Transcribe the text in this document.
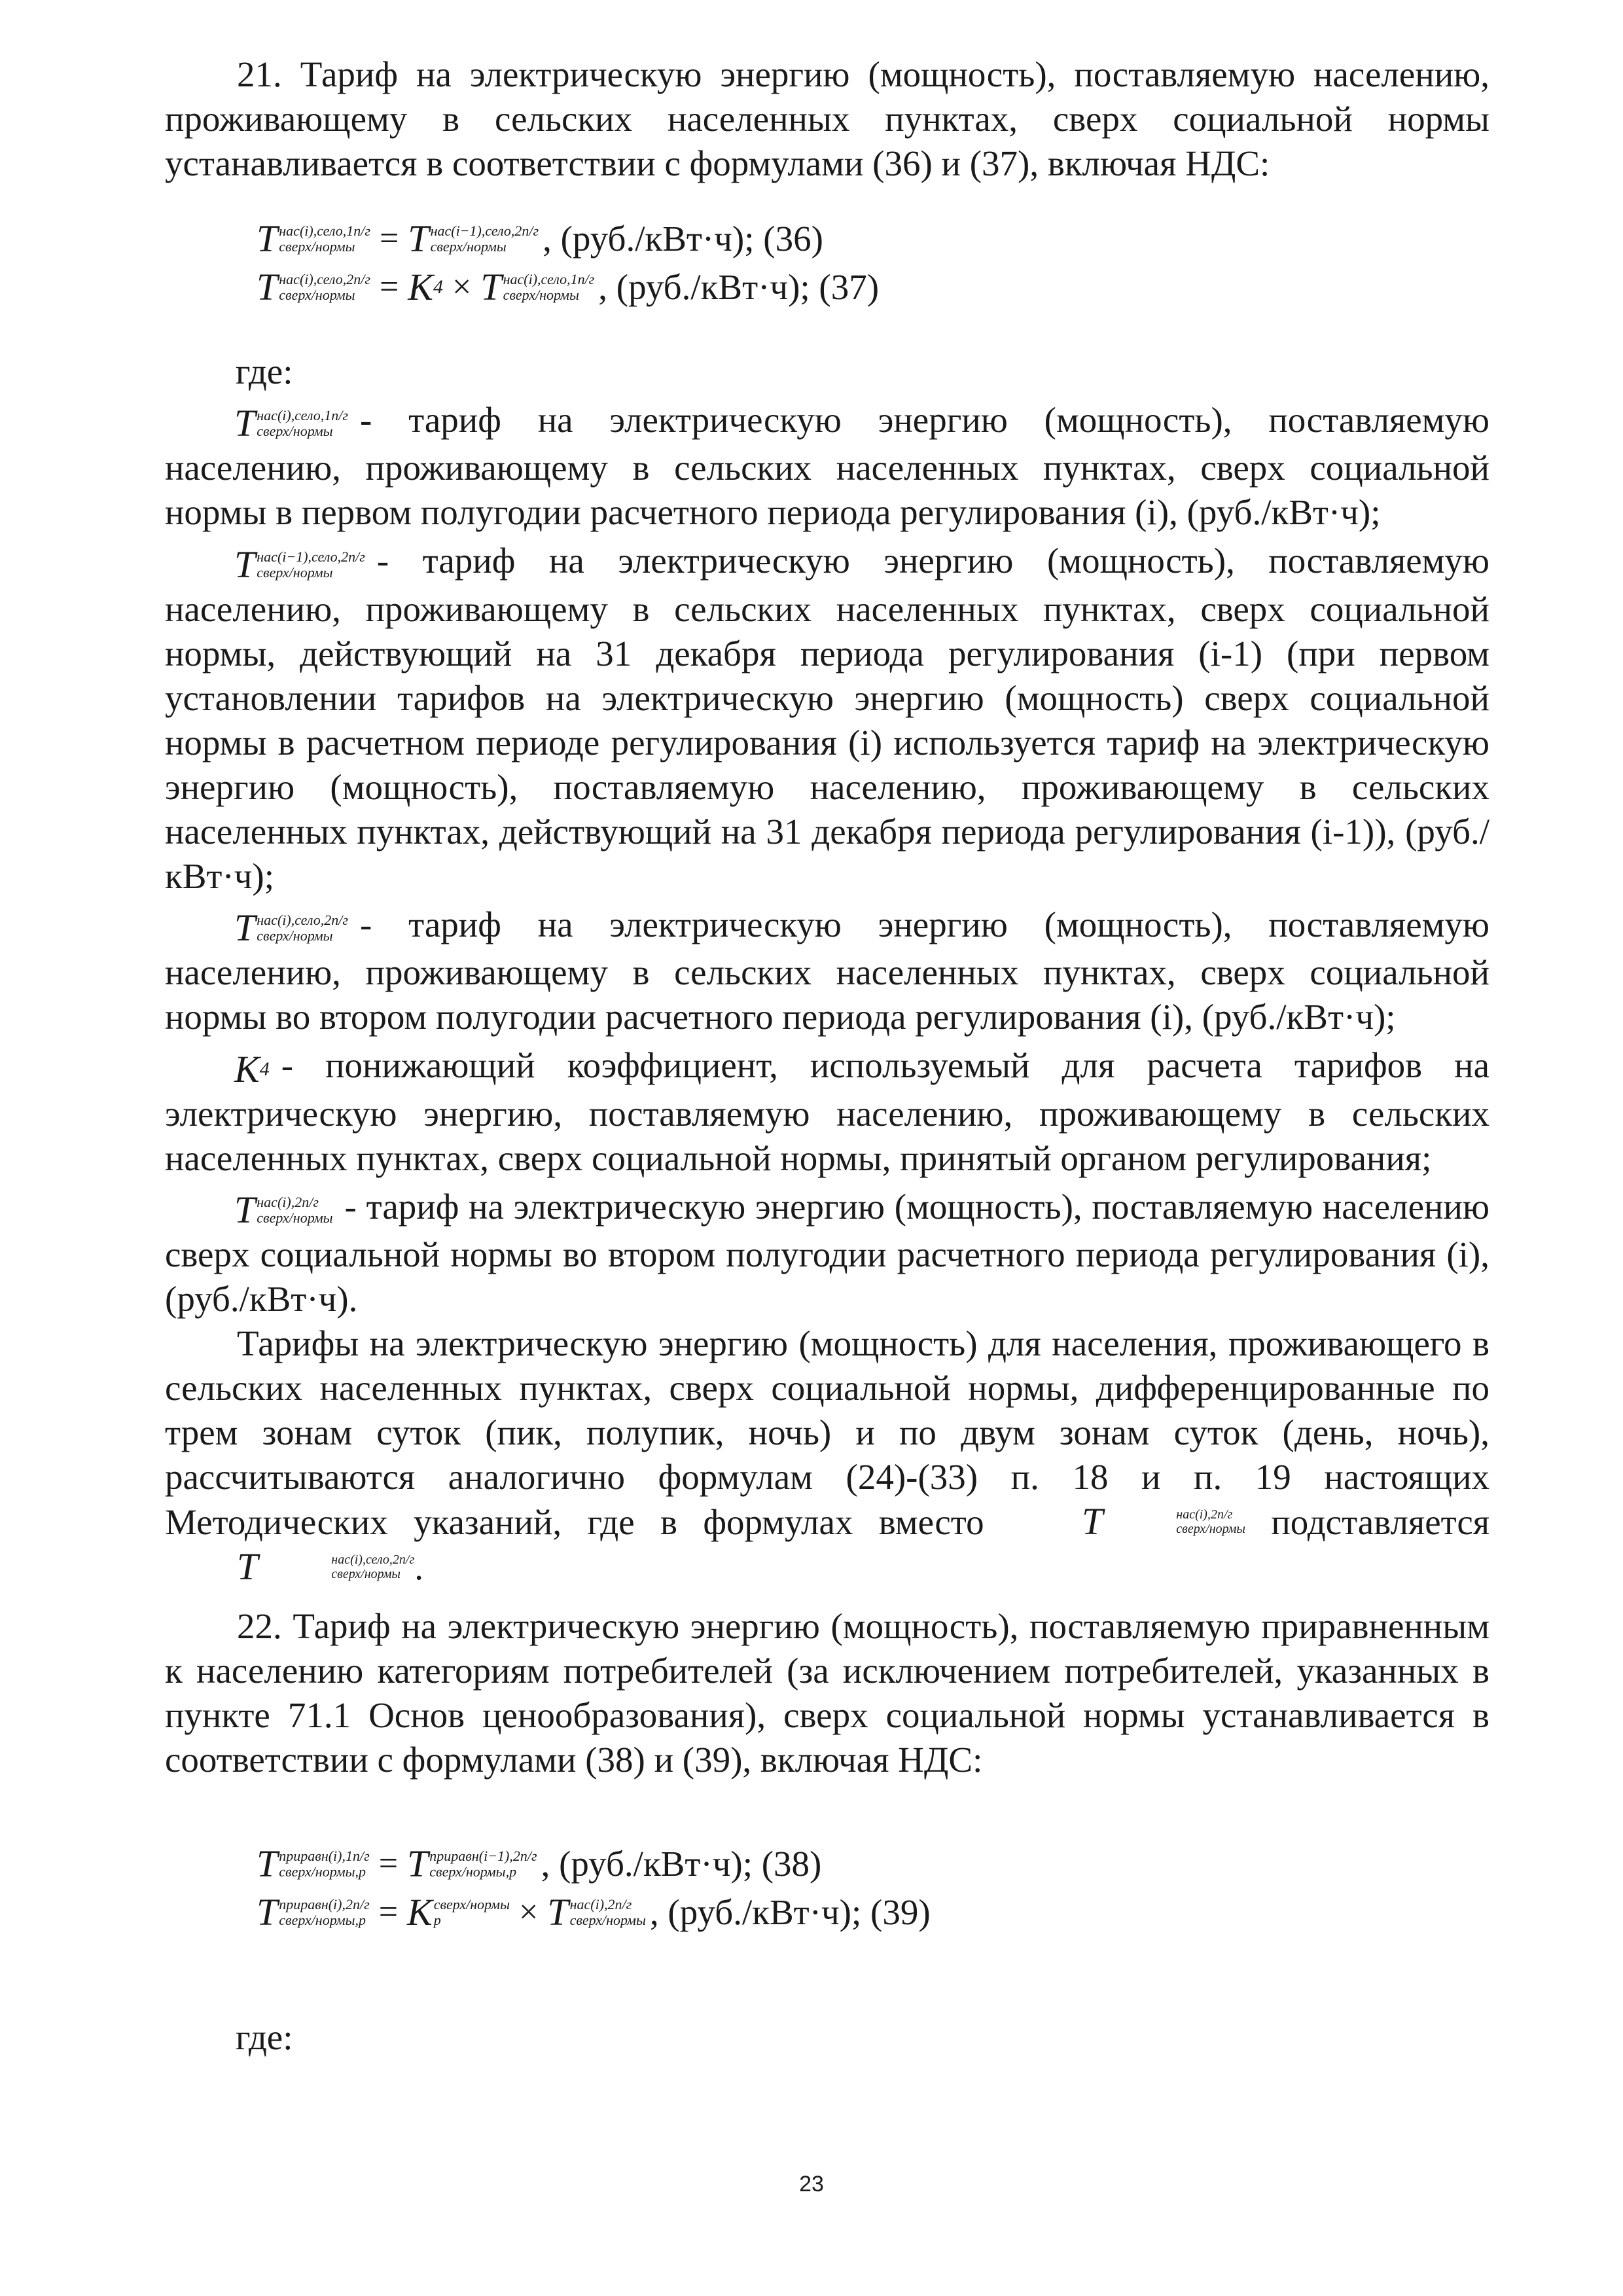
21. Тариф на электрическую энергию (мощность), поставляемую населению, проживающему в сельских населенных пунктах, сверх социальной нормы устанавливается в соответствии с формулами (36) и (37), включая НДС:

T нас(i),село,1п/г
сверх/нормы = T нас(i−1),село,2п/г
сверх/нормы	, (руб./кВт·ч); (36)
T нас(i),село,2п/г
сверх/нормы = K 4 × T нас(i),село,1п/г
сверх/нормы , (руб./кВт·ч); (37)

где:

T нас(i),село,1п/г
сверх/нормы - тариф на электрическую энергию (мощность), поставляемую населению, проживающему в сельских населенных пунктах, сверх социальной нормы в первом полугодии расчетного периода регулирования (i), (руб./кВт·ч);

T нас(i−1),село,2п/г
сверх/нормы	- тариф на электрическую энергию (мощность), поставляемую населению, проживающему в сельских населенных пунктах, сверх социальной нормы, действующий на 31 декабря периода регулирования (i-1) (при первом установлении тарифов на электрическую энергию (мощность) сверх социальной нормы в расчетном периоде регулирования (i) используется тариф на электрическую энергию (мощность), поставляемую населению, проживающему в сельских населенных пунктах, действующий на 31 декабря периода регулирования (i-1)), (руб./кВт·ч);

T нас(i),село,2п/г
сверх/нормы - тариф на электрическую энергию (мощность), поставляемую населению, проживающему в сельских населенных пунктах, сверх социальной нормы во втором полугодии расчетного периода регулирования (i), (руб./кВт·ч);

K 4 - понижающий коэффициент, используемый для расчета тарифов на электрическую энергию, поставляемую населению, проживающему в сельских населенных пунктах, сверх социальной нормы, принятый органом регулирования;

T нас(i),2п/г
сверх/нормы - тариф на электрическую энергию (мощность), поставляемую населению сверх социальной нормы во втором полугодии расчетного периода регулирования (i), (руб./кВт·ч).

Тарифы на электрическую энергию (мощность) для населения, проживающего в сельских населенных пунктах, сверх социальной нормы, дифференцированные по трем зонам суток (пик, полупик, ночь) и по двум зонам суток (день, ночь), рассчитываются аналогично формулам (24)-(33) п. 18 и п. 19 настоящих Методических указаний, где в формулах вместо	T	нас(i),2п/г
сверх/нормы подставляется
T	нас(i),село,2п/г
сверх/нормы .

22. Тариф на электрическую энергию (мощность), поставляемую приравненным к населению категориям потребителей (за исключением потребителей, указанных в пункте 71.1 Основ ценообразования), сверх социальной нормы устанавливается в соответствии с формулами (38) и (39), включая НДС:

T приравн(i),1п/г
сверх/нормы,р = T приравн(i−1),2п/г
сверх/нормы,р , (руб./кВт·ч); (38)
T приравн(i),2п/г
сверх/нормы,р = K сверх/нормы
p	× T нас(i),2п/г
сверх/нормы , (руб./кВт·ч); (39)

где:

23
